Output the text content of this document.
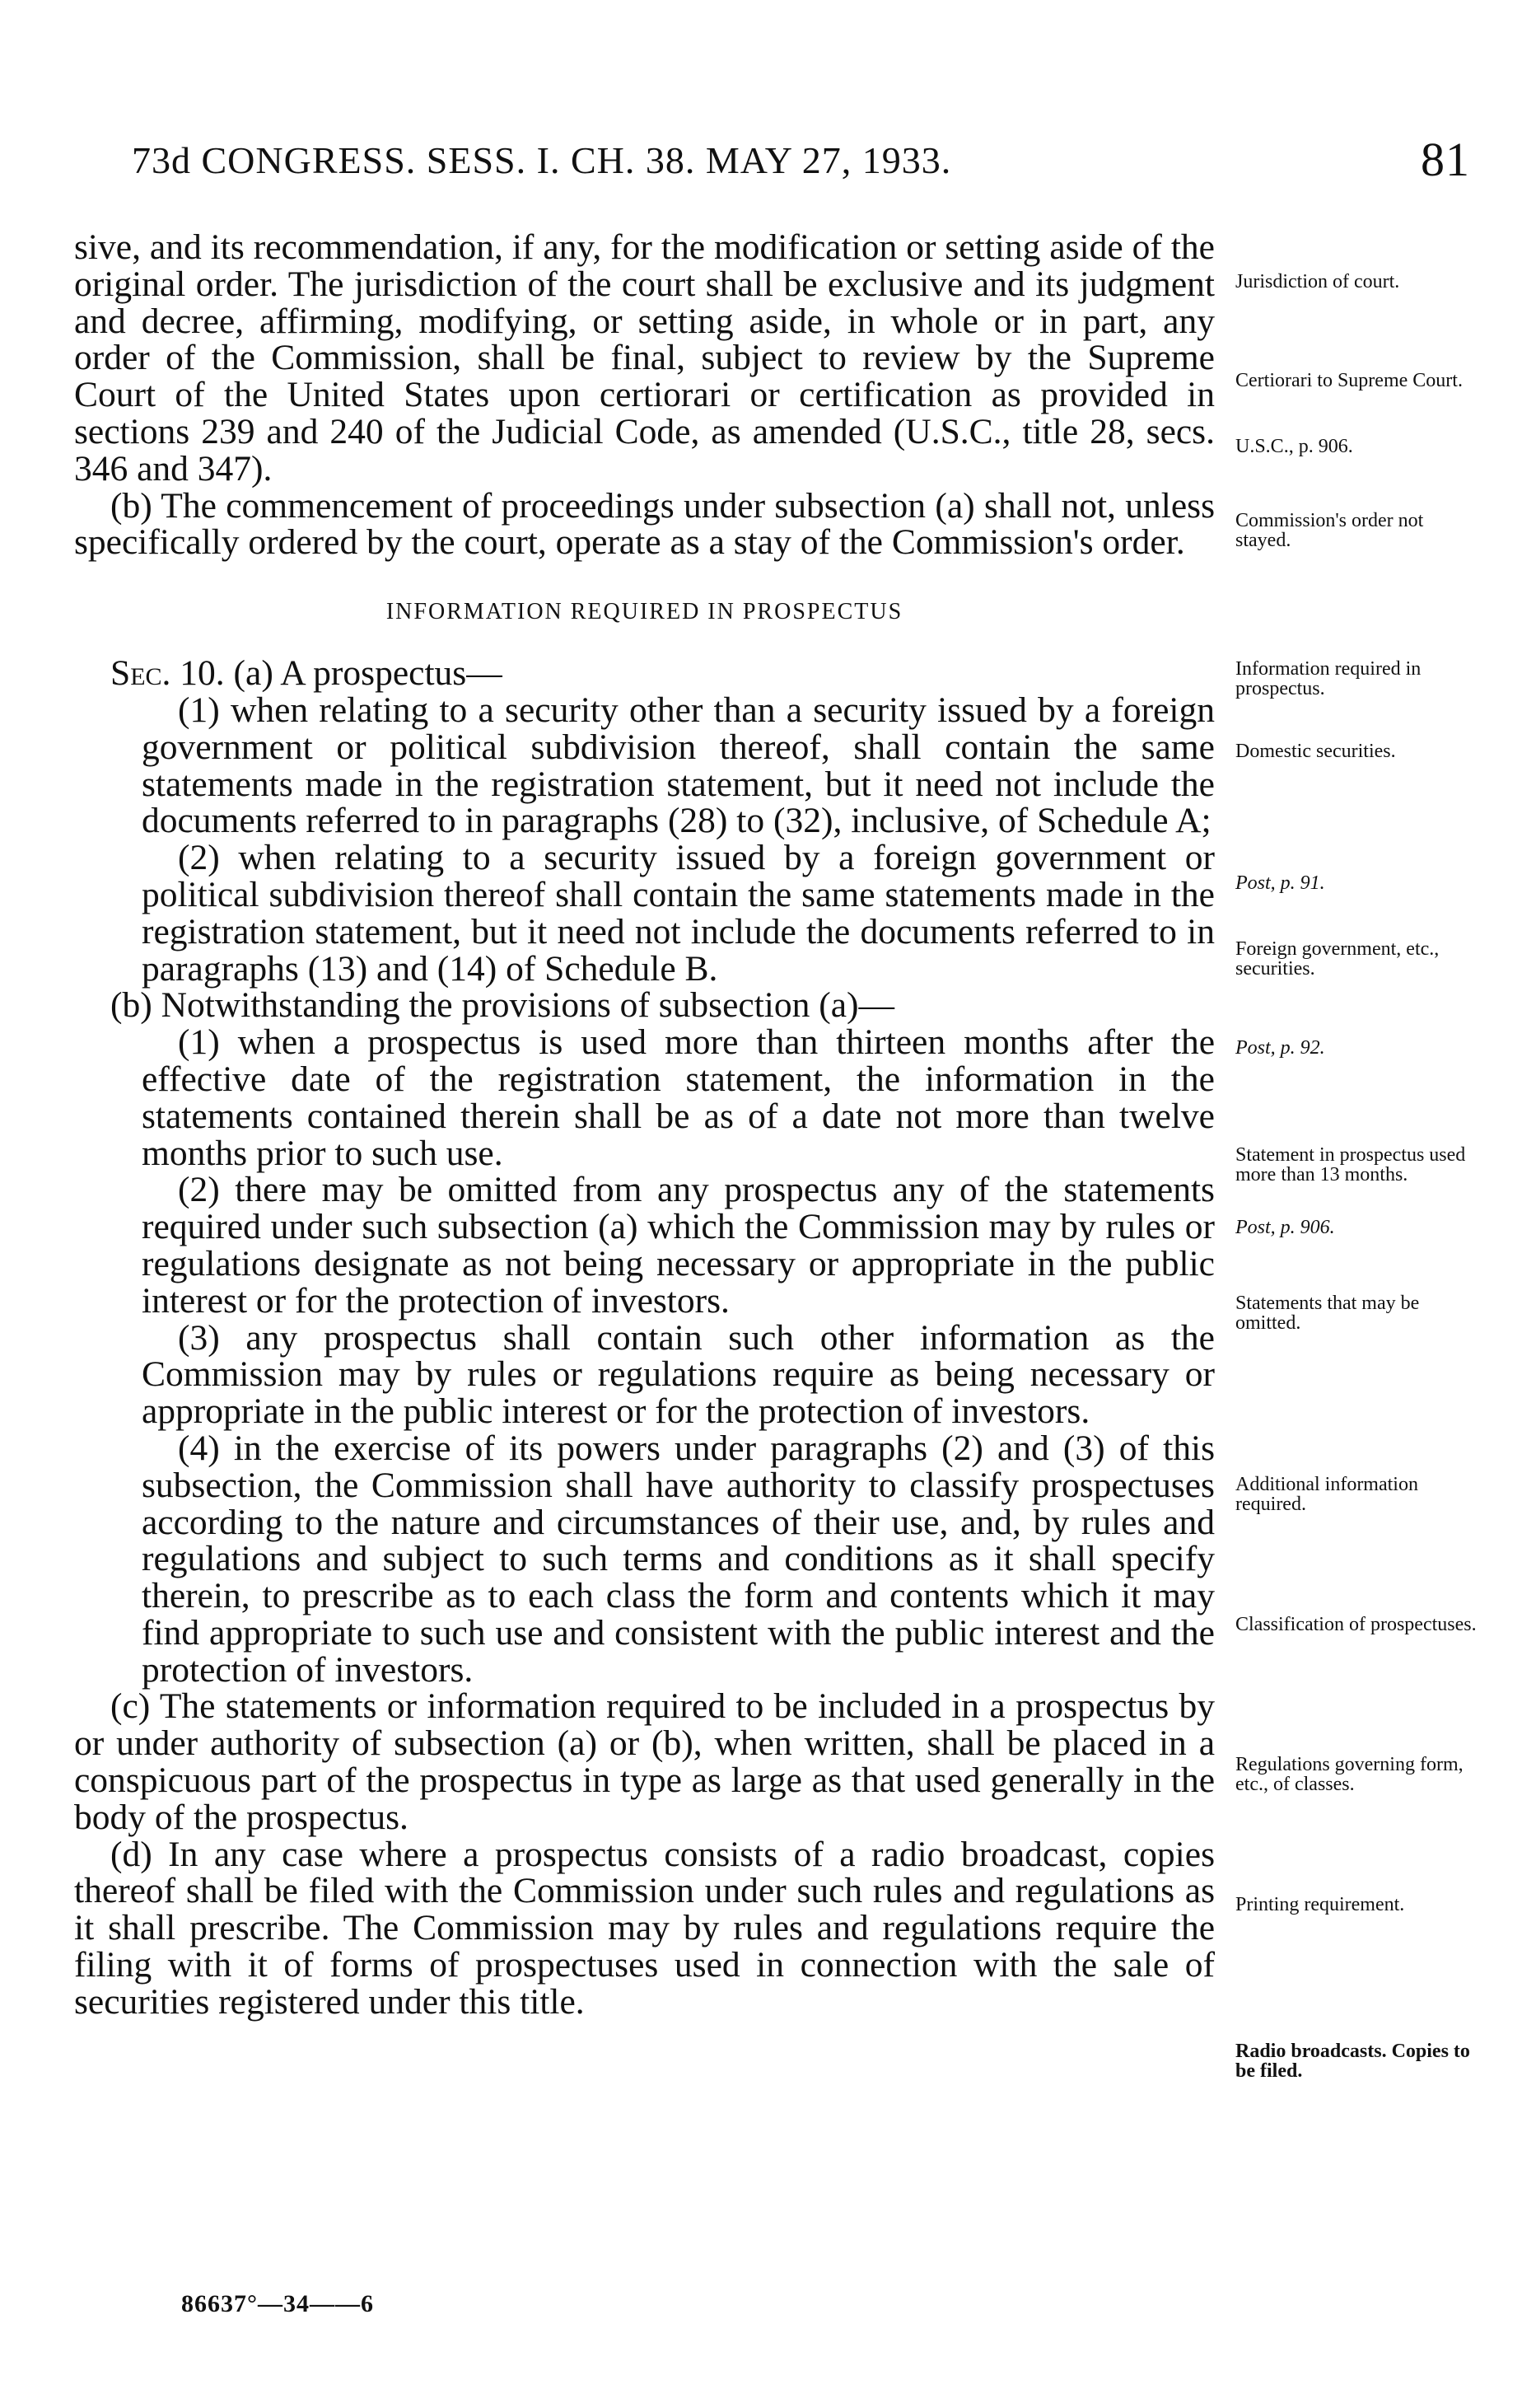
73d CONGRESS. SESS. I. CH. 38. MAY 27, 1933.	81

sive, and its recommendation, if any, for the modification or setting aside of the original order. The jurisdiction of the court shall be exclusive and its judgment and decree, affirming, modifying, or setting aside, in whole or in part, any order of the Commission, shall be final, subject to review by the Supreme Court of the United States upon certiorari or certification as provided in sections 239 and 240 of the Judicial Code, as amended (U.S.C., title 28, secs. 346 and 347).

(b) The commencement of proceedings under subsection (a) shall not, unless specifically ordered by the court, operate as a stay of the Commission's order.

INFORMATION REQUIRED IN PROSPECTUS

Sec. 10. (a) A prospectus—

(1) when relating to a security other than a security issued by a foreign government or political subdivision thereof, shall contain the same statements made in the registration statement, but it need not include the documents referred to in paragraphs (28) to (32), inclusive, of Schedule A;

(2) when relating to a security issued by a foreign government or political subdivision thereof shall contain the same statements made in the registration statement, but it need not include the documents referred to in paragraphs (13) and (14) of Schedule B.

(b) Notwithstanding the provisions of subsection (a)—

(1) when a prospectus is used more than thirteen months after the effective date of the registration statement, the information in the statements contained therein shall be as of a date not more than twelve months prior to such use.

(2) there may be omitted from any prospectus any of the statements required under such subsection (a) which the Commission may by rules or regulations designate as not being necessary or appropriate in the public interest or for the protection of investors.

(3) any prospectus shall contain such other information as the Commission may by rules or regulations require as being necessary or appropriate in the public interest or for the protection of investors.

(4) in the exercise of its powers under paragraphs (2) and (3) of this subsection, the Commission shall have authority to classify prospectuses according to the nature and circumstances of their use, and, by rules and regulations and subject to such terms and conditions as it shall specify therein, to prescribe as to each class the form and contents which it may find appropriate to such use and consistent with the public interest and the protection of investors.

(c) The statements or information required to be included in a prospectus by or under authority of subsection (a) or (b), when written, shall be placed in a conspicuous part of the prospectus in type as large as that used generally in the body of the prospectus.

(d) In any case where a prospectus consists of a radio broadcast, copies thereof shall be filed with the Commission under such rules and regulations as it shall prescribe. The Commission may by rules and regulations require the filing with it of forms of prospectuses used in connection with the sale of securities registered under this title.

Jurisdiction of court.
Certiorari to Supreme Court.
U.S.C., p. 906.
Commission's order not stayed.
Information required in prospectus.
Domestic securities.
Post, p. 91.
Foreign government, etc., securities.
Post, p. 92.
Statement in prospectus used more than 13 months.
Post, p. 906.
Statements that may be omitted.
Additional information required.
Classification of prospectuses.
Regulations governing form, etc., of classes.
Printing requirement.
Radio broadcasts. Copies to be filed.
86637°—34——6
